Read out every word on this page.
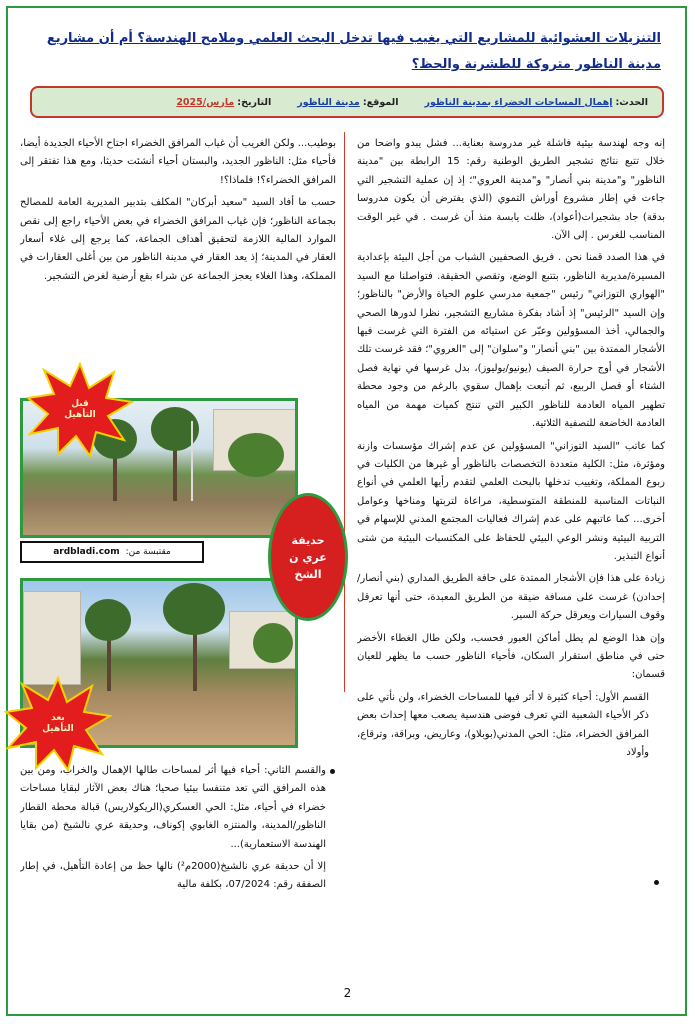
التنزيلات العشوائية للمشاريع التي يغيب فيها تدخل البحث العلمي وملامح الهندسة؟ أم أن مشاريع مدينة الناظور متروكة للطشرنة والحظ؟
الحدث: إهمال المساحات الخضراء بمدينة الناظور
الموقع: مدينة الناظور
التاريخ: مارس/2025

إنه وجه لهندسة بيئية فاشلة غير مدروسة بعناية... فشل يبدو واضحا من خلال تتبع نتائج تشجير الطريق الوطنية رقم: 15 الرابطة بين "مدينة الناظور" و"مدينة بني أنصار" و"مدينة العروي"؛ إذ إن عملية التشجير التي جاءت في إطار مشروع أوراش التموي (الذي يفترض أن يكون مدروسا بدقة) جاد بشجيرات(أعواد)، ظلت يابسة منذ أن غرست . في غير الوقت المناسب للغرس . إلى الآن.

في هذا الصدد قمنا نحن . فريق الصحفيين الشباب من أجل البيئة بإعدادية المسيرة/مديرية الناظور، بتتبع الوضع، وتقصي الحقيقة. فتواصلنا مع السيد "الهواري التوزاني" رئيس "جمعية مدرسي علوم الحياة والأرض" بالناظور؛ وإن السيد "الرئيس" إذ أشاد بفكرة مشاريع التشجير، نظرا لدورها الصحي والجمالي، أخذ المسؤولين وعبّر عن استيائه من الفترة التي غرست فيها الأشجار الممتدة بين "بني أنصار" و"سلوان" إلى "العروي"؛ فقد غرست تلك الأشجار في أوج حرارة الصيف (يونيو/يوليوز)، بدل غرسها في نهاية فصل الشتاء أو فصل الربيع، ثم أتبعت بإهمال سقوي بالرغم من وجود محطة تطهير المياه العادمة للناظور الكبير التي تنتج كميات مهمة من المياه العادمة الخاضعة للتصفية الثلاثية.

كما عاتب "السيد التوزاني" المسؤولين عن عدم إشراك مؤسسات وازنة ومؤثرة، مثل: الكلية متعددة التخصصات بالناظور أو غيرها من الكليات في ربوع المملكة، وتغييب تدخلها بالبحث العلمي لتقدم رأيها العلمي في أنواع النباتات المناسبة للمنطقة المتوسطية، مراعاة لتربتها ومناخها وعوامل أخرى... كما عاتبهم على عدم إشراك فعاليات المجتمع المدني للإسهام في التربية البيئية ونشر الوعي البيئي للحفاظ على المكتسبات البيئية من شتى أنواع التبذير.

زيادة على هذا فإن الأشجار الممتدة على حافة الطريق المداري (بني أنصار/ إحدادن) غرست على مسافة ضيقة من الطريق المعبدة، حتى أنها تعرقل وقوف السيارات ويعرقل حركة السير.

وإن هذا الوضع لم يطل أماكن العبور فحسب، ولكن طال الغطاء الأخضر حتى في مناطق استقرار السكان، فأحياء الناظور حسب ما يظهر للعيان قسمان:

القسم الأول: أحياء كثيرة لا أثر فيها للمساحات الخضراء، ولن نأتي على ذكر الأحياء الشعبية التي تعرف فوضى هندسية يصعب معها إحداث بعض المرافق الخضراء، مثل: الحي المدني(بوبلاو)، وعاريض، وبراقة، وترقاع، وأولاد

بوطيب... ولكن الغريب أن غياب المرافق الخضراء اجتاح الأحياء الجديدة أيضا، فأحياء مثل: الناظور الجديد، والبستان أحياء أنشئت حديثا، ومع هذا تفتقر إلى المرافق الخضراء؟! فلماذا؟!

حسب ما أفاد السيد "سعيد أبركان" المكلف بتدبير المديرية العامة للمصالح بجماعة الناظور؛ فإن غياب المرافق الخضراء في بعض الأحياء راجع إلى نقص الموارد المالية اللازمة لتحقيق أهداف الجماعة، كما يرجع إلى غلاء أسعار العقار في المدينة؛ إذ يعد العقار في مدينة الناظور من بين أغلى العقارات في المملكة، وهذا الغلاء يعجز الجماعة عن شراء بقع أرضية لغرض التشجير.

قبل التأهيل
مقتبسة من:
ardbladi.com
بعد التأهيل
حديقة عري ن الشخ

والقسم الثاني: أحياء فيها أثر لمساحات طالها الإهمال والخراب، ومن بين هذه المرافق التي تعد متنفسا بيئيا صحيا؛ هناك بعض الآثار لبقايا مساحات خضراء في أحياء، مثل: الحي العسكري(الريكولاريس) قبالة محطة القطار الناظور/المدينة، والمنتزه الغابوي إكوناف، وحديقة عري نالشيخ (من بقايا الهندسة الاستعمارية)...

إلا أن حديقة عري نالشيخ(2000م²) نالها حظ من إعادة التأهيل، في إطار الصفقة رقم: 07/2024، بكلفة مالية

2
